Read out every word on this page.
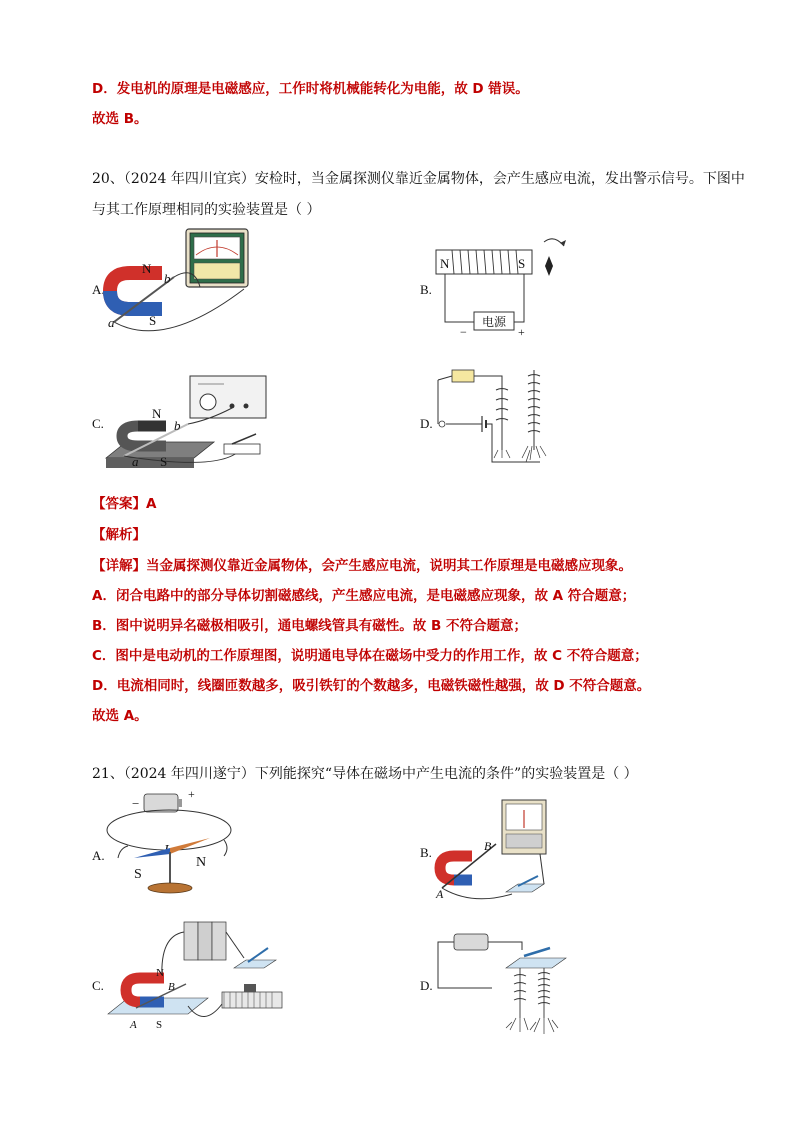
D．发电机的原理是电磁感应，工作时将机械能转化为电能，故 D 错误。
故选 B。
20、（2024 年四川宜宾）安检时，当金属探测仪靠近金属物体，会产生感应电流，发出警示信号。下图中
与其工作原理相同的实验装置是（ ）
A.
N
S
b
a
B.
N	S
电源
−	+
C.
N
S
b
a
D.
【答案】A
【解析】
【详解】当金属探测仪靠近金属物体，会产生感应电流，说明其工作原理是电磁感应现象。
A．闭合电路中的部分导体切割磁感线，产生感应电流，是电磁感应现象，故 A 符合题意；
B．图中说明异名磁极相吸引，通电螺线管具有磁性。故 B 不符合题意；
C．图中是电动机的工作原理图，说明通电导体在磁场中受力的作用工作，故 C 不符合题意；
D．电流相同时，线圈匝数越多，吸引铁钉的个数越多，电磁铁磁性越强，故 D 不符合题意。
故选 A。
21、（2024 年四川遂宁）下列能探究“导体在磁场中产生电流的条件”的实验装置是（ ）
A.
−
+
S
N
B.	B
A
C.
N
S
B
A
D.
